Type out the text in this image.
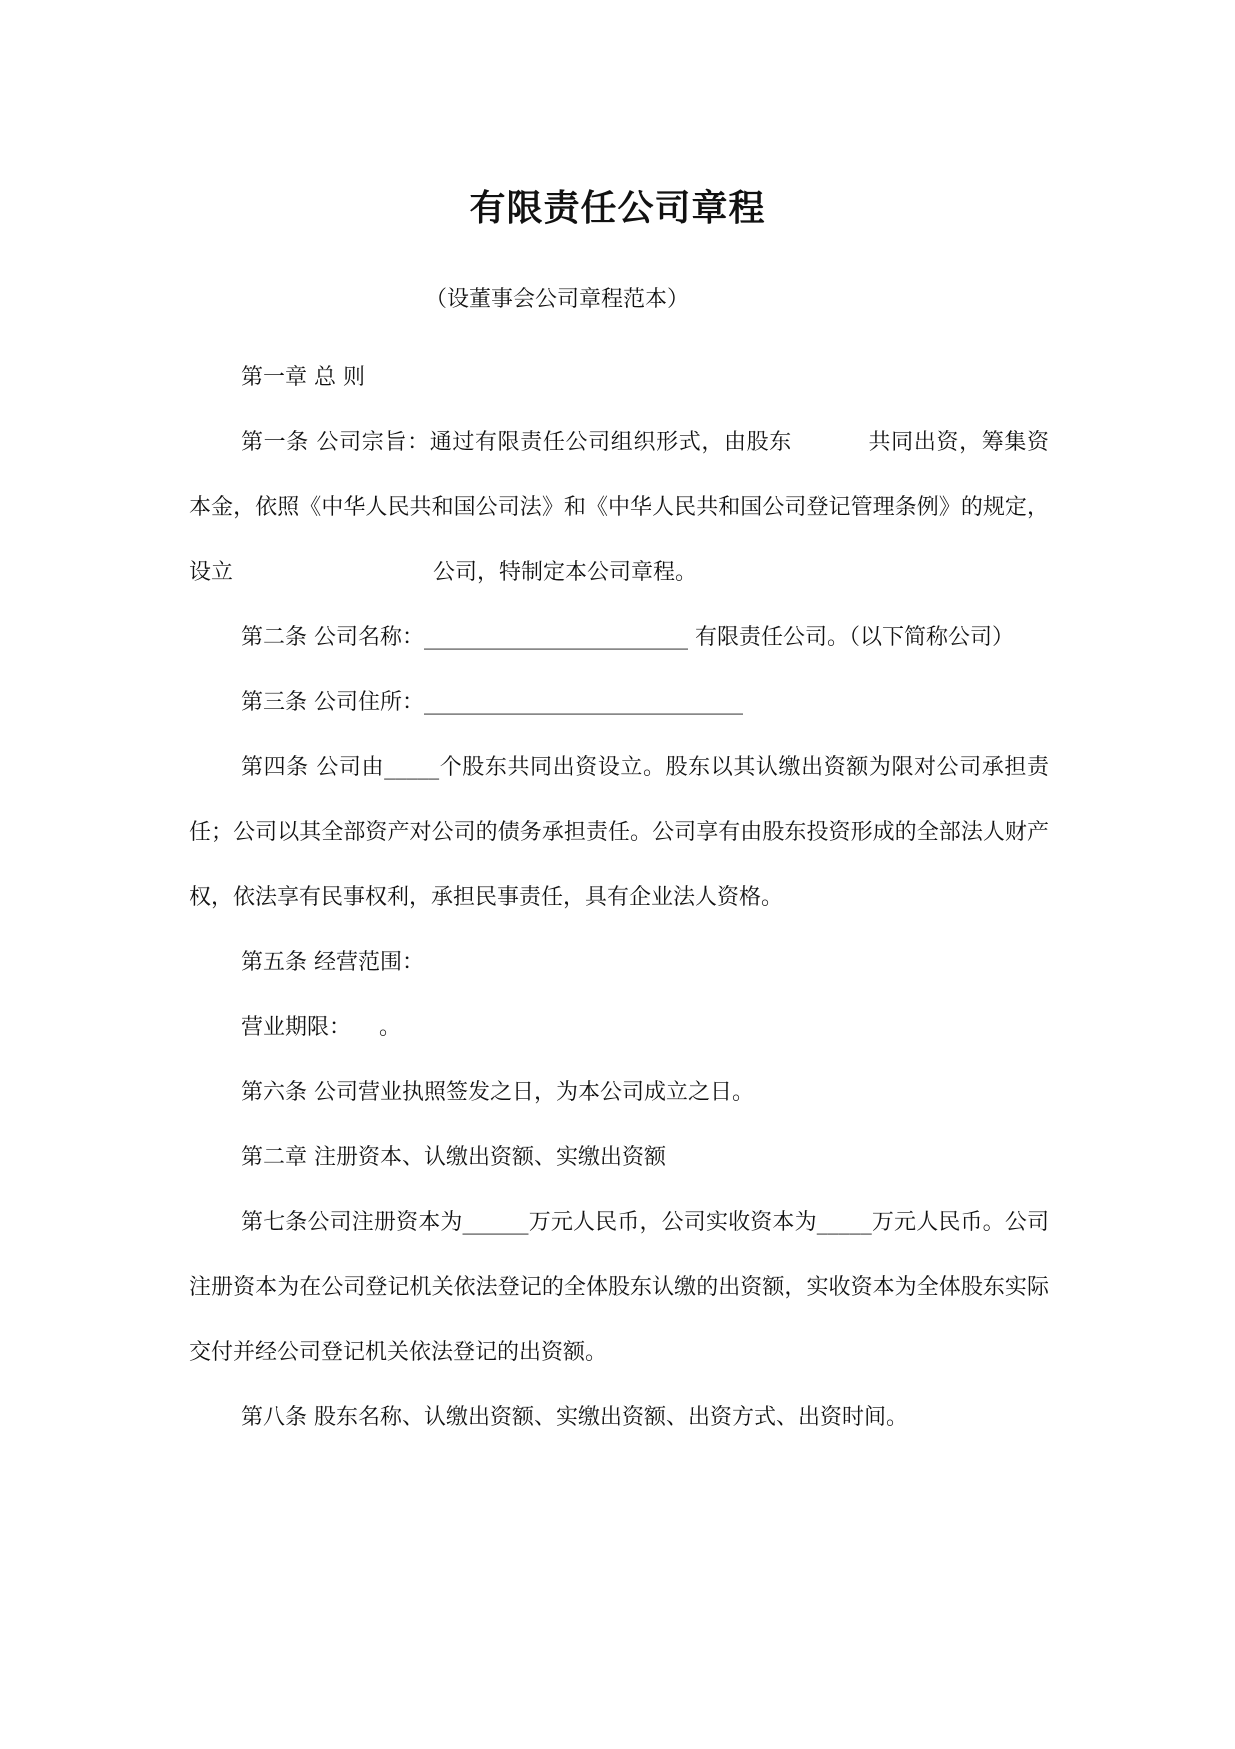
有限责任公司章程
（设董事会公司章程范本）

第一章 总 则

第一条 公司宗旨：通过有限责任公司组织形式，由股东	共同出资，筹集资本金，依照《中华人民共和国公司法》和《中华人民共和国公司登记管理条例》的规定，设立	公司，特制定本公司章程。

第二条 公司名称：________________________ 有限责任公司。（以下简称公司）

第三条 公司住所：_____________________________

第四条 公司由_____个股东共同出资设立。股东以其认缴出资额为限对公司承担责任；公司以其全部资产对公司的债务承担责任。公司享有由股东投资形成的全部法人财产权，依法享有民事权利，承担民事责任，具有企业法人资格。

第五条 经营范围：

营业期限： 。

第六条 公司营业执照签发之日，为本公司成立之日。

第二章 注册资本、认缴出资额、实缴出资额

第七条公司注册资本为______万元人民币，公司实收资本为_____万元人民币。公司注册资本为在公司登记机关依法登记的全体股东认缴的出资额，实收资本为全体股东实际交付并经公司登记机关依法登记的出资额。

第八条 股东名称、认缴出资额、实缴出资额、出资方式、出资时间。
